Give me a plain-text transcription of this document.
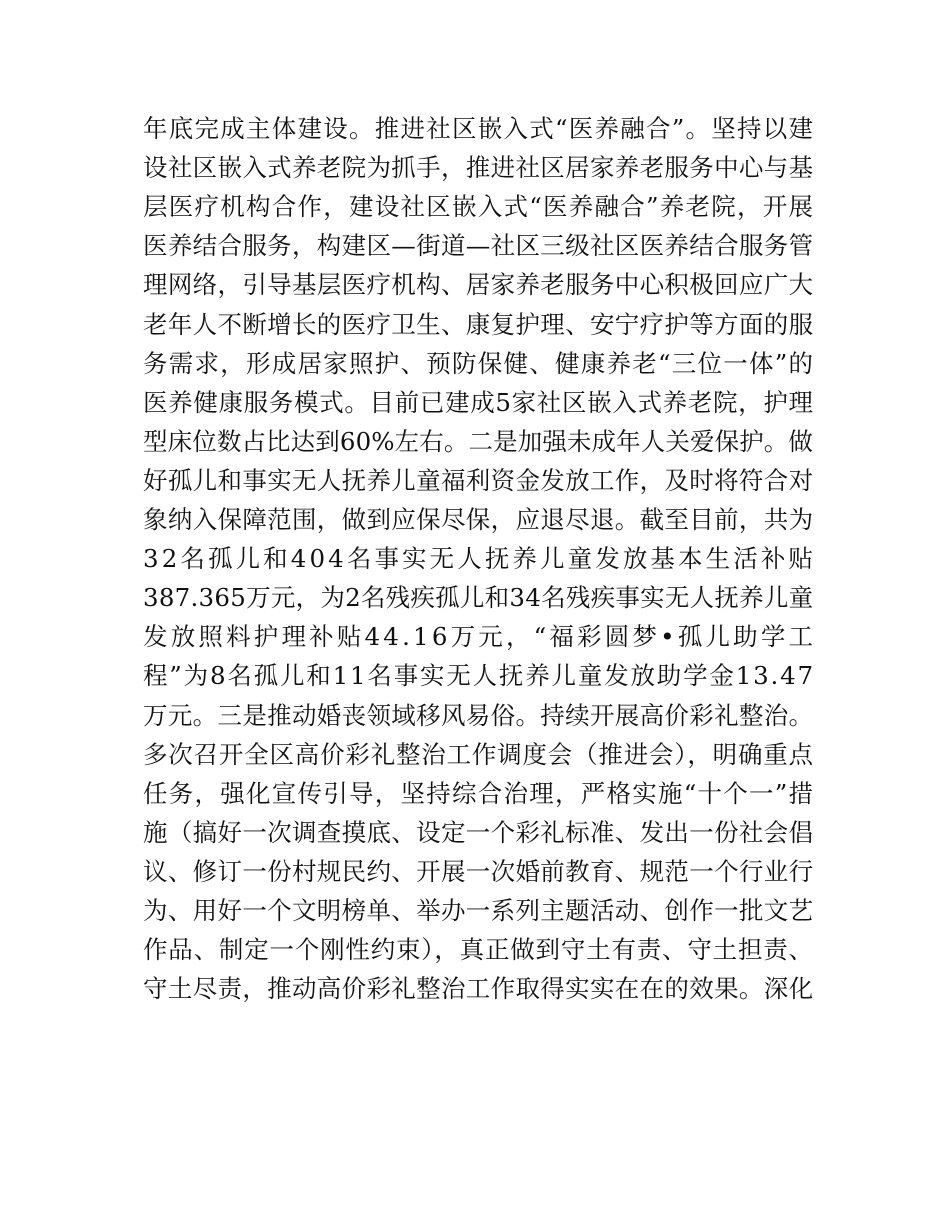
年底完成主体建设。推进社区嵌入式“医养融合”。坚持以建
设社区嵌入式养老院为抓手，推进社区居家养老服务中心与基
层医疗机构合作，建设社区嵌入式“医养融合”养老院，开展
医养结合服务，构建区—街道—社区三级社区医养结合服务管
理网络，引导基层医疗机构、居家养老服务中心积极回应广大
老年人不断增长的医疗卫生、康复护理、安宁疗护等方面的服
务需求，形成居家照护、预防保健、健康养老“三位一体”的
医养健康服务模式。目前已建成5家社区嵌入式养老院，护理
型床位数占比达到60%左右。二是加强未成年人关爱保护。做
好孤儿和事实无人抚养儿童福利资金发放工作，及时将符合对
象纳入保障范围，做到应保尽保，应退尽退。截至目前，共为
32名孤儿和404名事实无人抚养儿童发放基本生活补贴
387.365万元，为2名残疾孤儿和34名残疾事实无人抚养儿童
发放照料护理补贴44.16万元，“福彩圆梦•孤儿助学工
程”为8名孤儿和11名事实无人抚养儿童发放助学金13.47
万元。三是推动婚丧领域移风易俗。持续开展高价彩礼整治。
多次召开全区高价彩礼整治工作调度会（推进会），明确重点
任务，强化宣传引导，坚持综合治理，严格实施“十个一”措
施（搞好一次调查摸底、设定一个彩礼标准、发出一份社会倡
议、修订一份村规民约、开展一次婚前教育、规范一个行业行
为、用好一个文明榜单、举办一系列主题活动、创作一批文艺
作品、制定一个刚性约束），真正做到守土有责、守土担责、
守土尽责，推动高价彩礼整治工作取得实实在在的效果。深化
